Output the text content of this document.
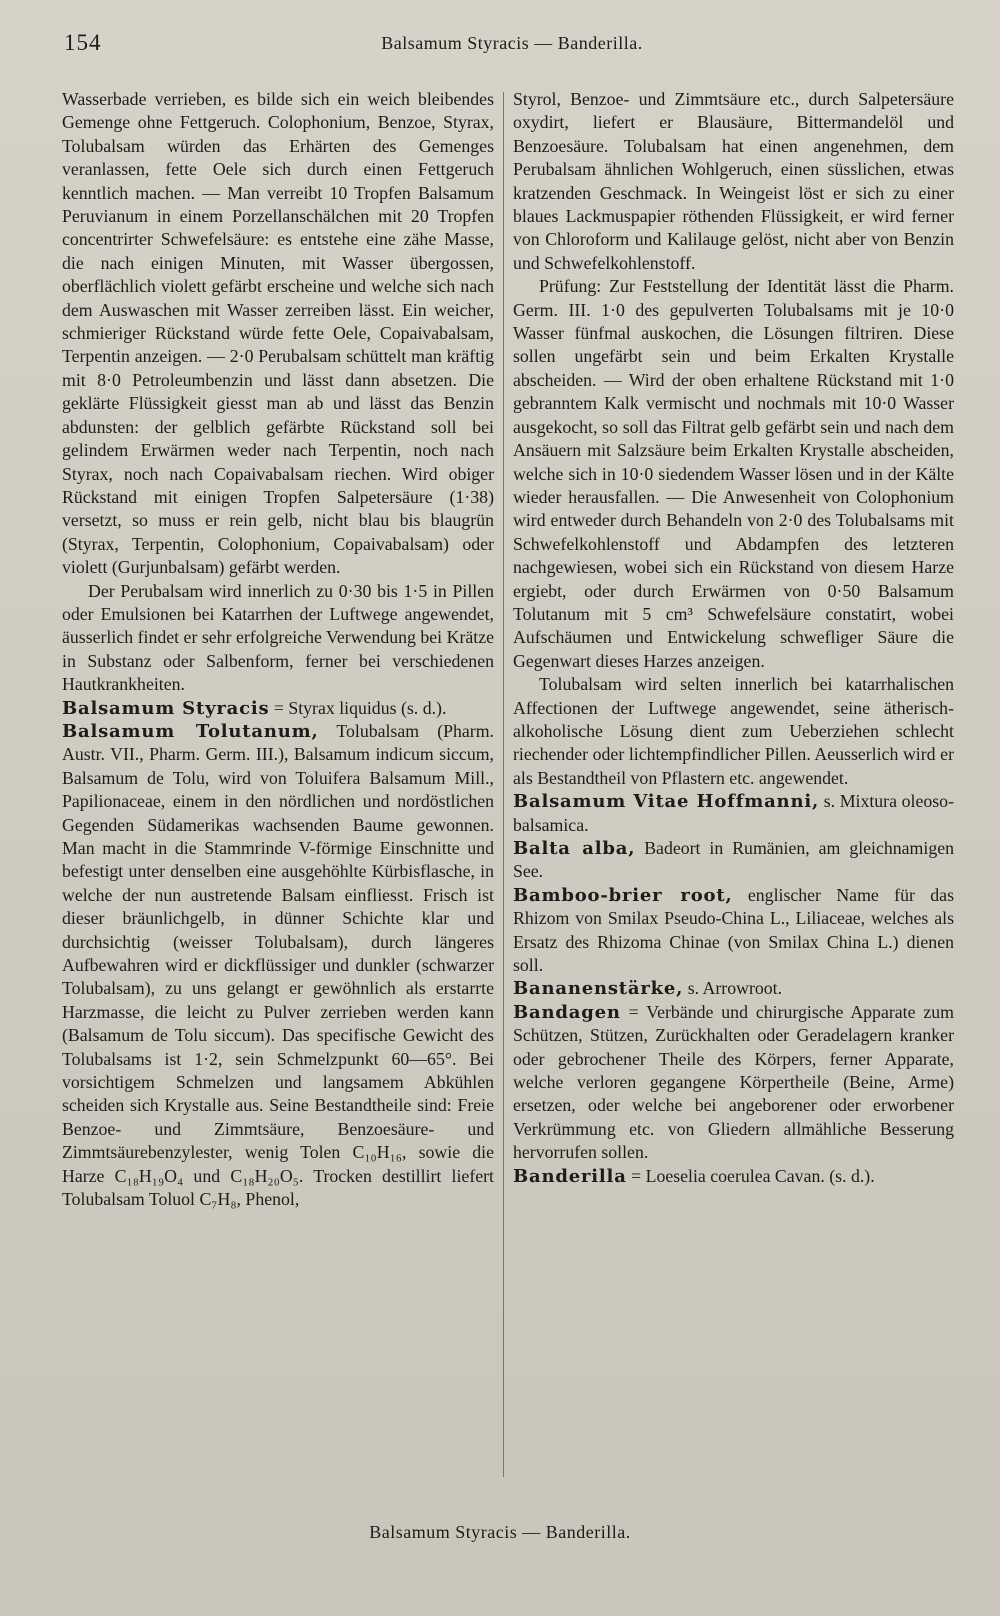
154	Balsamum Styracis — Banderilla.

Wasserbade verrieben, es bilde sich ein weich bleibendes Gemenge ohne Fettgeruch. Colophonium, Benzoe, Styrax, Tolubalsam würden das Erhärten des Gemenges veranlassen, fette Oele sich durch einen Fettgeruch kenntlich machen. — Man verreibt 10 Tropfen Balsamum Peruvianum in einem Porzellanschälchen mit 20 Tropfen concentrirter Schwefelsäure: es entstehe eine zähe Masse, die nach einigen Minuten, mit Wasser übergossen, oberflächlich violett gefärbt erscheine und welche sich nach dem Auswaschen mit Wasser zerreiben lässt. Ein weicher, schmieriger Rückstand würde fette Oele, Copaivabalsam, Terpentin anzeigen. — 2·0 Perubalsam schüttelt man kräftig mit 8·0 Petroleumbenzin und lässt dann absetzen. Die geklärte Flüssigkeit giesst man ab und lässt das Benzin abdunsten: der gelblich gefärbte Rückstand soll bei gelindem Erwärmen weder nach Terpentin, noch nach Styrax, noch nach Copaivabalsam riechen. Wird obiger Rückstand mit einigen Tropfen Salpetersäure (1·38) versetzt, so muss er rein gelb, nicht blau bis blaugrün (Styrax, Terpentin, Colophonium, Copaivabalsam) oder violett (Gurjunbalsam) gefärbt werden.

Der Perubalsam wird innerlich zu 0·30 bis 1·5 in Pillen oder Emulsionen bei Katarrhen der Luftwege angewendet, äusserlich findet er sehr erfolgreiche Verwendung bei Krätze in Substanz oder Salbenform, ferner bei verschiedenen Hautkrankheiten.

Balsamum Styracis = Styrax liquidus (s. d.).

Balsamum Tolutanum, Tolubalsam (Pharm. Austr. VII., Pharm. Germ. III.), Balsamum indicum siccum, Balsamum de Tolu, wird von Toluifera Balsamum Mill., Papilionaceae, einem in den nördlichen und nordöstlichen Gegenden Südamerikas wachsenden Baume gewonnen. Man macht in die Stammrinde V-förmige Einschnitte und befestigt unter denselben eine ausgehöhlte Kürbisflasche, in welche der nun austretende Balsam einfliesst. Frisch ist dieser bräunlichgelb, in dünner Schichte klar und durchsichtig (weisser Tolubalsam), durch längeres Aufbewahren wird er dickflüssiger und dunkler (schwarzer Tolubalsam), zu uns gelangt er gewöhnlich als erstarrte Harzmasse, die leicht zu Pulver zerrieben werden kann (Balsamum de Tolu siccum). Das specifische Gewicht des Tolubalsams ist 1·2, sein Schmelzpunkt 60—65°. Bei vorsichtigem Schmelzen und langsamem Abkühlen scheiden sich Krystalle aus. Seine Bestandtheile sind: Freie Benzoe- und Zimmtsäure, Benzoesäure- und Zimmtsäurebenzylester, wenig Tolen C₁₀H₁₆, sowie die Harze C₁₈H₁₉O₄ und C₁₈H₂₀O₅. Trocken destillirt liefert Tolubalsam Toluol C₇H₈, Phenol,

Styrol, Benzoe- und Zimmtsäure etc., durch Salpetersäure oxydirt, liefert er Blausäure, Bittermandelöl und Benzoesäure. Tolubalsam hat einen angenehmen, dem Perubalsam ähnlichen Wohlgeruch, einen süsslichen, etwas kratzenden Geschmack. In Weingeist löst er sich zu einer blaues Lackmuspapier röthenden Flüssigkeit, er wird ferner von Chloroform und Kalilauge gelöst, nicht aber von Benzin und Schwefelkohlenstoff.

Prüfung: Zur Feststellung der Identität lässt die Pharm. Germ. III. 1·0 des gepulverten Tolubalsams mit je 10·0 Wasser fünfmal auskochen, die Lösungen filtriren. Diese sollen ungefärbt sein und beim Erkalten Krystalle abscheiden. — Wird der oben erhaltene Rückstand mit 1·0 gebranntem Kalk vermischt und nochmals mit 10·0 Wasser ausgekocht, so soll das Filtrat gelb gefärbt sein und nach dem Ansäuern mit Salzsäure beim Erkalten Krystalle abscheiden, welche sich in 10·0 siedendem Wasser lösen und in der Kälte wieder herausfallen. — Die Anwesenheit von Colophonium wird entweder durch Behandeln von 2·0 des Tolubalsams mit Schwefelkohlenstoff und Abdampfen des letzteren nachgewiesen, wobei sich ein Rückstand von diesem Harze ergiebt, oder durch Erwärmen von 0·50 Balsamum Tolutanum mit 5 cm³ Schwefelsäure constatirt, wobei Aufschäumen und Entwickelung schwefliger Säure die Gegenwart dieses Harzes anzeigen.

Tolubalsam wird selten innerlich bei katarrhalischen Affectionen der Luftwege angewendet, seine ätherisch-alkoholische Lösung dient zum Ueberziehen schlecht riechender oder lichtempfindlicher Pillen. Aeusserlich wird er als Bestandtheil von Pflastern etc. angewendet.

Balsamum Vitae Hoffmanni, s. Mixtura oleoso-balsamica.

Balta alba, Badeort in Rumänien, am gleichnamigen See.

Bamboo-brier root, englischer Name für das Rhizom von Smilax Pseudo-China L., Liliaceae, welches als Ersatz des Rhizoma Chinae (von Smilax China L.) dienen soll.

Bananenstärke, s. Arrowroot.

Bandagen = Verbände und chirurgische Apparate zum Schützen, Stützen, Zurückhalten oder Geradelagern kranker oder gebrochener Theile des Körpers, ferner Apparate, welche verloren gegangene Körpertheile (Beine, Arme) ersetzen, oder welche bei angeborener oder erworbener Verkrümmung etc. von Gliedern allmähliche Besserung hervorrufen sollen.

Banderilla = Loeselia coerulea Cavan. (s. d.).

Balsamum Styracis — Banderilla.
